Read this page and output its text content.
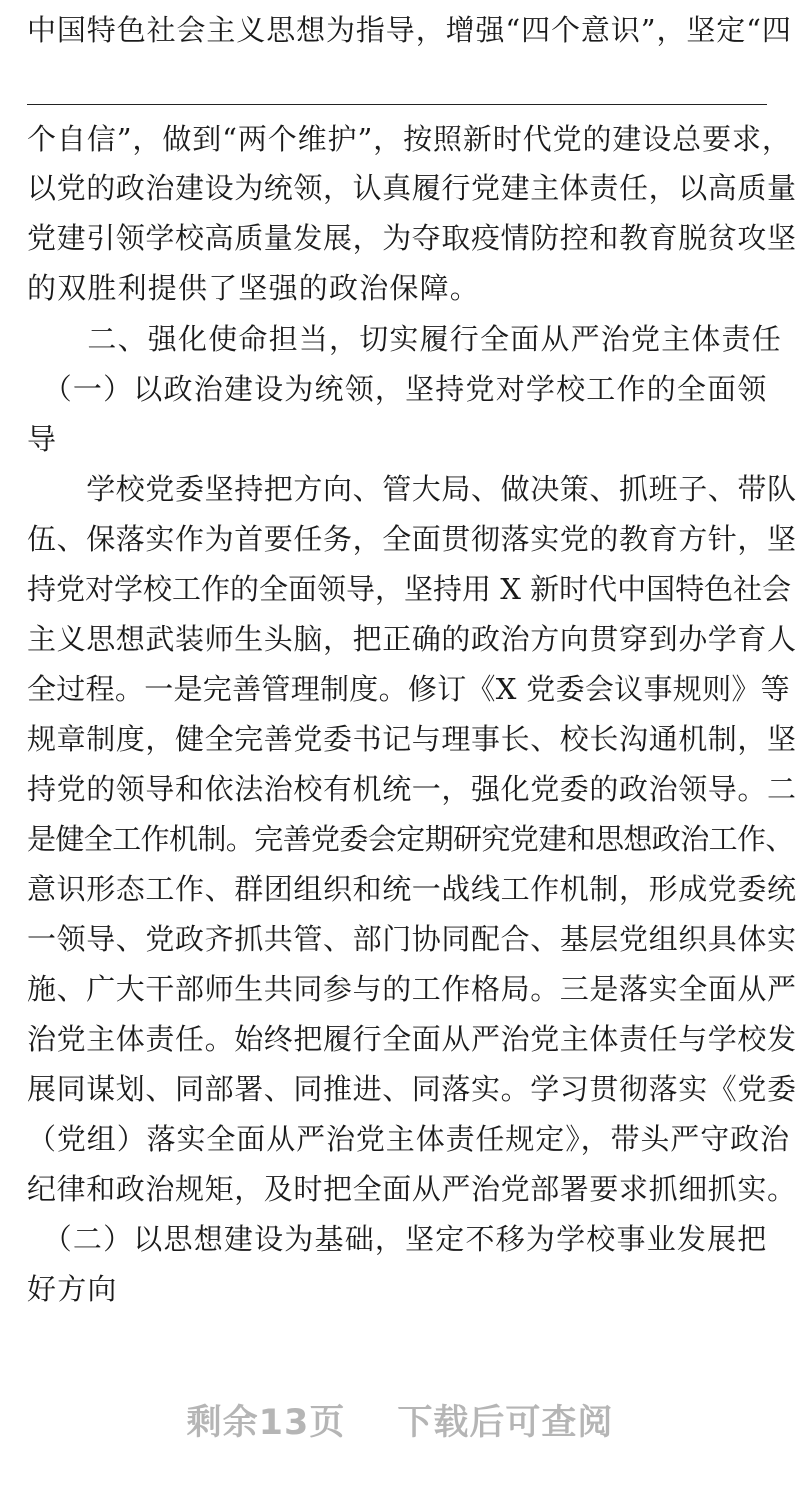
中国特色社会主义思想为指导，增强“四个意识”，坚定“四
个自信”，做到“两个维护”，按照新时代党的建设总要求，
以党的政治建设为统领，认真履行党建主体责任，以高质量
党建引领学校高质量发展，为夺取疫情防控和教育脱贫攻坚
的双胜利提供了坚强的政治保障。
　　二、强化使命担当，切实履行全面从严治党主体责任
　（一）以政治建设为统领，坚持党对学校工作的全面领
导
　　学校党委坚持把方向、管大局、做决策、抓班子、带队
伍、保落实作为首要任务，全面贯彻落实党的教育方针，坚
持党对学校工作的全面领导，坚持用 X 新时代中国特色社会
主义思想武装师生头脑，把正确的政治方向贯穿到办学育人
全过程。一是完善管理制度。修订《X 党委会议事规则》等
规章制度，健全完善党委书记与理事长、校长沟通机制，坚
持党的领导和依法治校有机统一，强化党委的政治领导。二
是健全工作机制。完善党委会定期研究党建和思想政治工作、
意识形态工作、群团组织和统一战线工作机制，形成党委统
一领导、党政齐抓共管、部门协同配合、基层党组织具体实
施、广大干部师生共同参与的工作格局。三是落实全面从严
治党主体责任。始终把履行全面从严治党主体责任与学校发
展同谋划、同部署、同推进、同落实。学习贯彻落实《党委
（党组）落实全面从严治党主体责任规定》，带头严守政治
纪律和政治规矩，及时把全面从严治党部署要求抓细抓实。
　（二）以思想建设为基础，坚定不移为学校事业发展把
好方向
剩余13页 下载后可查阅
